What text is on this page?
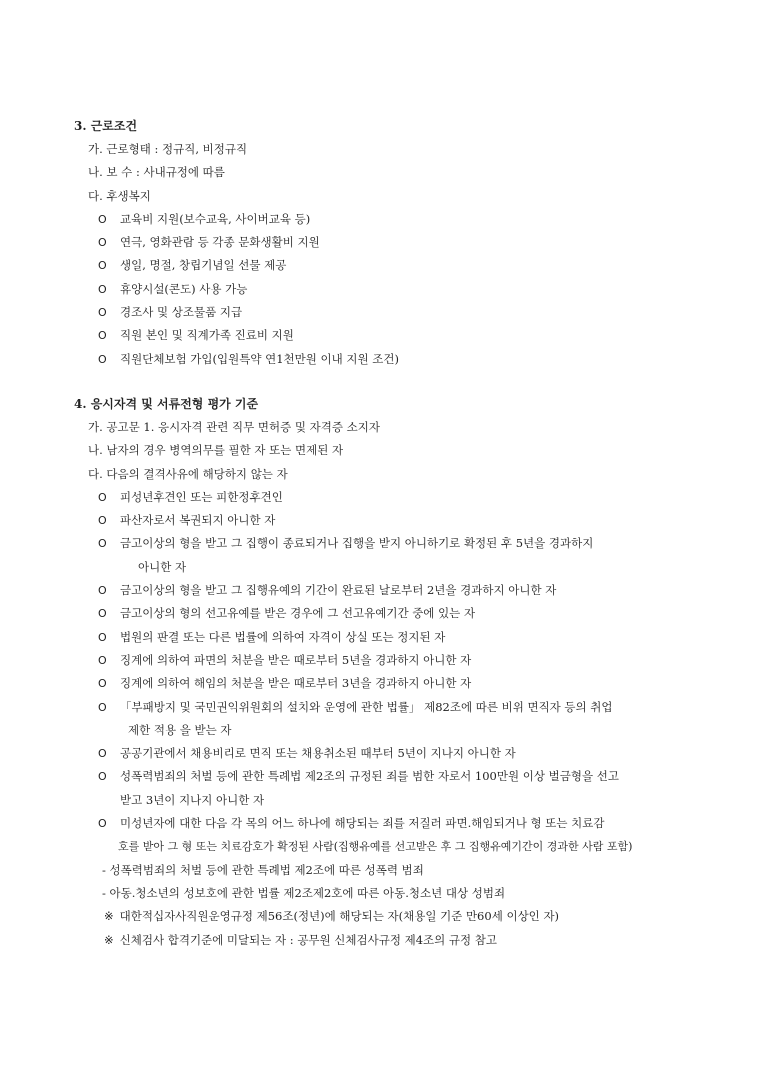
3. 근로조건
가. 근로형태 : 정규직, 비정규직
나. 보 수 : 사내규정에 따름
다. 후생복지
O 교육비 지원(보수교육, 사이버교육 등)
O 연극, 영화관람 등 각종 문화생활비 지원
O 생일, 명절, 창립기념일 선물 제공
O 휴양시설(콘도) 사용 가능
O 경조사 및 상조물품 지급
O 직원 본인 및 직계가족 진료비 지원
O 직원단체보험 가입(입원특약 연1천만원 이내 지원 조건)
4. 응시자격 및 서류전형 평가 기준
가. 공고문 1. 응시자격 관련 직무 면허증 및 자격증 소지자
나. 남자의 경우 병역의무를 필한 자 또는 면제된 자
다. 다음의 결격사유에 해당하지 않는 자
O 피성년후견인 또는 피한정후견인
O 파산자로서 복권되지 아니한 자
O 금고이상의 형을 받고 그 집행이 종료되거나 집행을 받지 아니하기로 확정된 후 5년을 경과하지
아니한 자
O 금고이상의 형을 받고 그 집행유예의 기간이 완료된 날로부터 2년을 경과하지 아니한 자
O 금고이상의 형의 선고유예를 받은 경우에 그 선고유예기간 중에 있는 자
O 법원의 판결 또는 다른 법률에 의하여 자격이 상실 또는 정지된 자
O 징계에 의하여 파면의 처분을 받은 때로부터 5년을 경과하지 아니한 자
O 징계에 의하여 해임의 처분을 받은 때로부터 3년을 경과하지 아니한 자
O 「부패방지 및 국민권익위원회의 설치와 운영에 관한 법률」 제82조에 따른 비위 면직자 등의 취업
제한 적용 을 받는 자
O 공공기관에서 채용비리로 면직 또는 채용취소된 때부터 5년이 지나지 아니한 자
O 성폭력범죄의 처벌 등에 관한 특례법 제2조의 규정된 죄를 범한 자로서 100만원 이상 벌금형을 선고
받고 3년이 지나지 아니한 자
O 미성년자에 대한 다음 각 목의 어느 하나에 해당되는 죄를 저질러 파면.해임되거나 형 또는 치료감
호를 받아 그 형 또는 치료감호가 확정된 사람(집행유예를 선고받은 후 그 집행유예기간이 경과한 사람 포함)
- 성폭력범죄의 처벌 등에 관한 특례법 제2조에 따른 성폭력 범죄
- 아동.청소년의 성보호에 관한 법률 제2조제2호에 따른 아동.청소년 대상 성범죄
※ 대한적십자사직원운영규정 제56조(정년)에 해당되는 자(채용일 기준 만60세 이상인 자)
※ 신체검사 합격기준에 미달되는 자 : 공무원 신체검사규정 제4조의 규정 참고
